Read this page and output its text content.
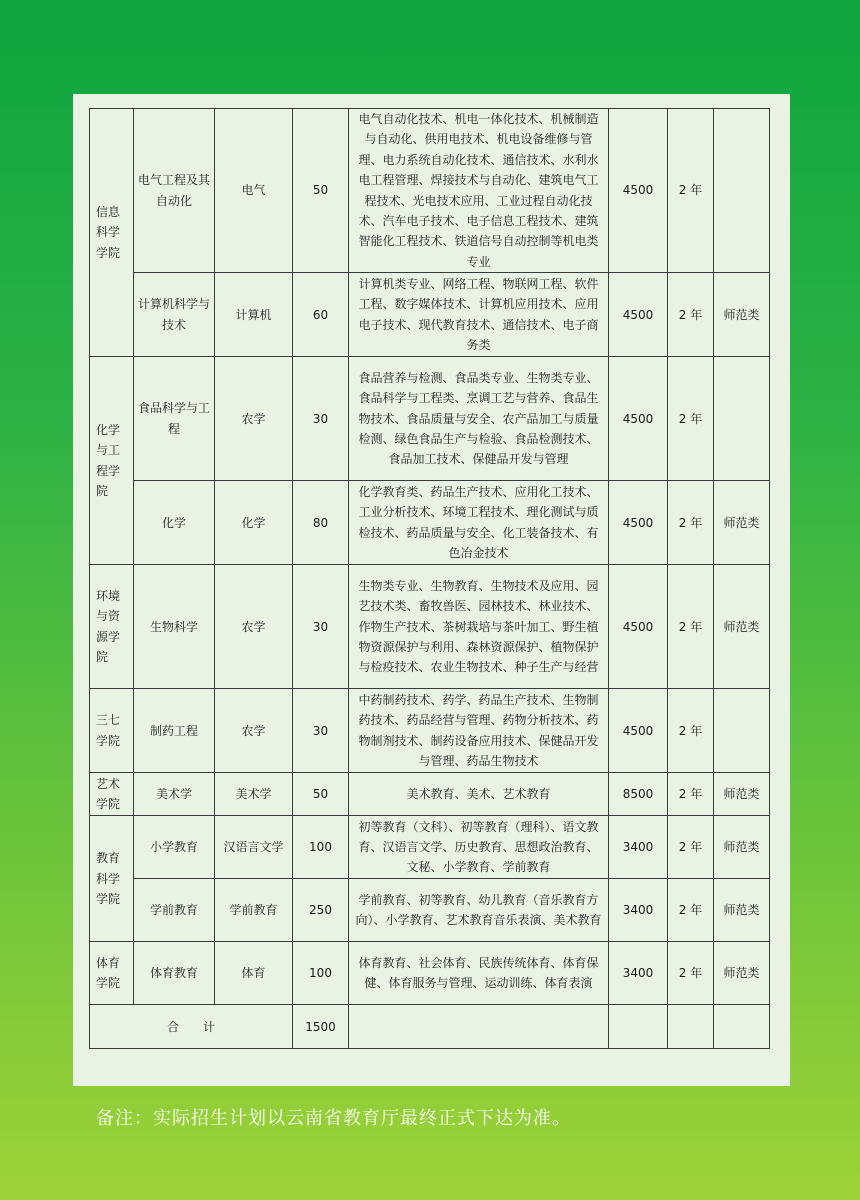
信息科学学院	电气工程及其自动化	电气	50	电气自动化技术、机电一体化技术、机械制造与自动化、供用电技术、机电设备维修与管理、电力系统自动化技术、通信技术、水利水电工程管理、焊接技术与自动化、建筑电气工程技术、光电技术应用、工业过程自动化技术、汽车电子技术、电子信息工程技术、建筑智能化工程技术、铁道信号自动控制等机电类专业	4500	2 年	
	计算机科学与技术	计算机	60	计算机类专业、网络工程、物联网工程、软件工程、数字媒体技术、计算机应用技术、应用电子技术、现代教育技术、通信技术、电子商务类	4500	2 年	师范类
化学与工程学院	食品科学与工程	农学	30	食品营养与检测、食品类专业、生物类专业、食品科学与工程类、烹调工艺与营养、食品生物技术、食品质量与安全、农产品加工与质量检测、绿色食品生产与检验、食品检测技术、食品加工技术、保健品开发与管理	4500	2 年	
	化学	化学	80	化学教育类、药品生产技术、应用化工技术、工业分析技术、环境工程技术、理化测试与质检技术、药品质量与安全、化工装备技术、有色冶金技术	4500	2 年	师范类
环境与资源学院	生物科学	农学	30	生物类专业、生物教育、生物技术及应用、园艺技术类、畜牧兽医、园林技术、林业技术、作物生产技术、茶树栽培与茶叶加工、野生植物资源保护与利用、森林资源保护、植物保护与检疫技术、农业生物技术、种子生产与经营	4500	2 年	师范类
三七学院	制药工程	农学	30	中药制药技术、药学、药品生产技术、生物制药技术、药品经营与管理、药物分析技术、药物制剂技术、制药设备应用技术、保健品开发与管理、药品生物技术	4500	2 年	
艺术学院	美术学	美术学	50	美术教育、美术、艺术教育	8500	2 年	师范类
教育科学学院	小学教育	汉语言文学	100	初等教育（文科）、初等教育（理科）、语文教育、汉语言文学、历史教育、思想政治教育、文秘、小学教育、学前教育	3400	2 年	师范类
	学前教育	学前教育	250	学前教育、初等教育、幼儿教育（音乐教育方向）、小学教育、艺术教育音乐表演、美术教育	3400	2 年	师范类
体育学院	体育教育	体育	100	体育教育、社会体育、民族传统体育、体育保健、体育服务与管理、运动训练、体育表演	3400	2 年	师范类
合　　计			1500				
备注：实际招生计划以云南省教育厅最终正式下达为准。
